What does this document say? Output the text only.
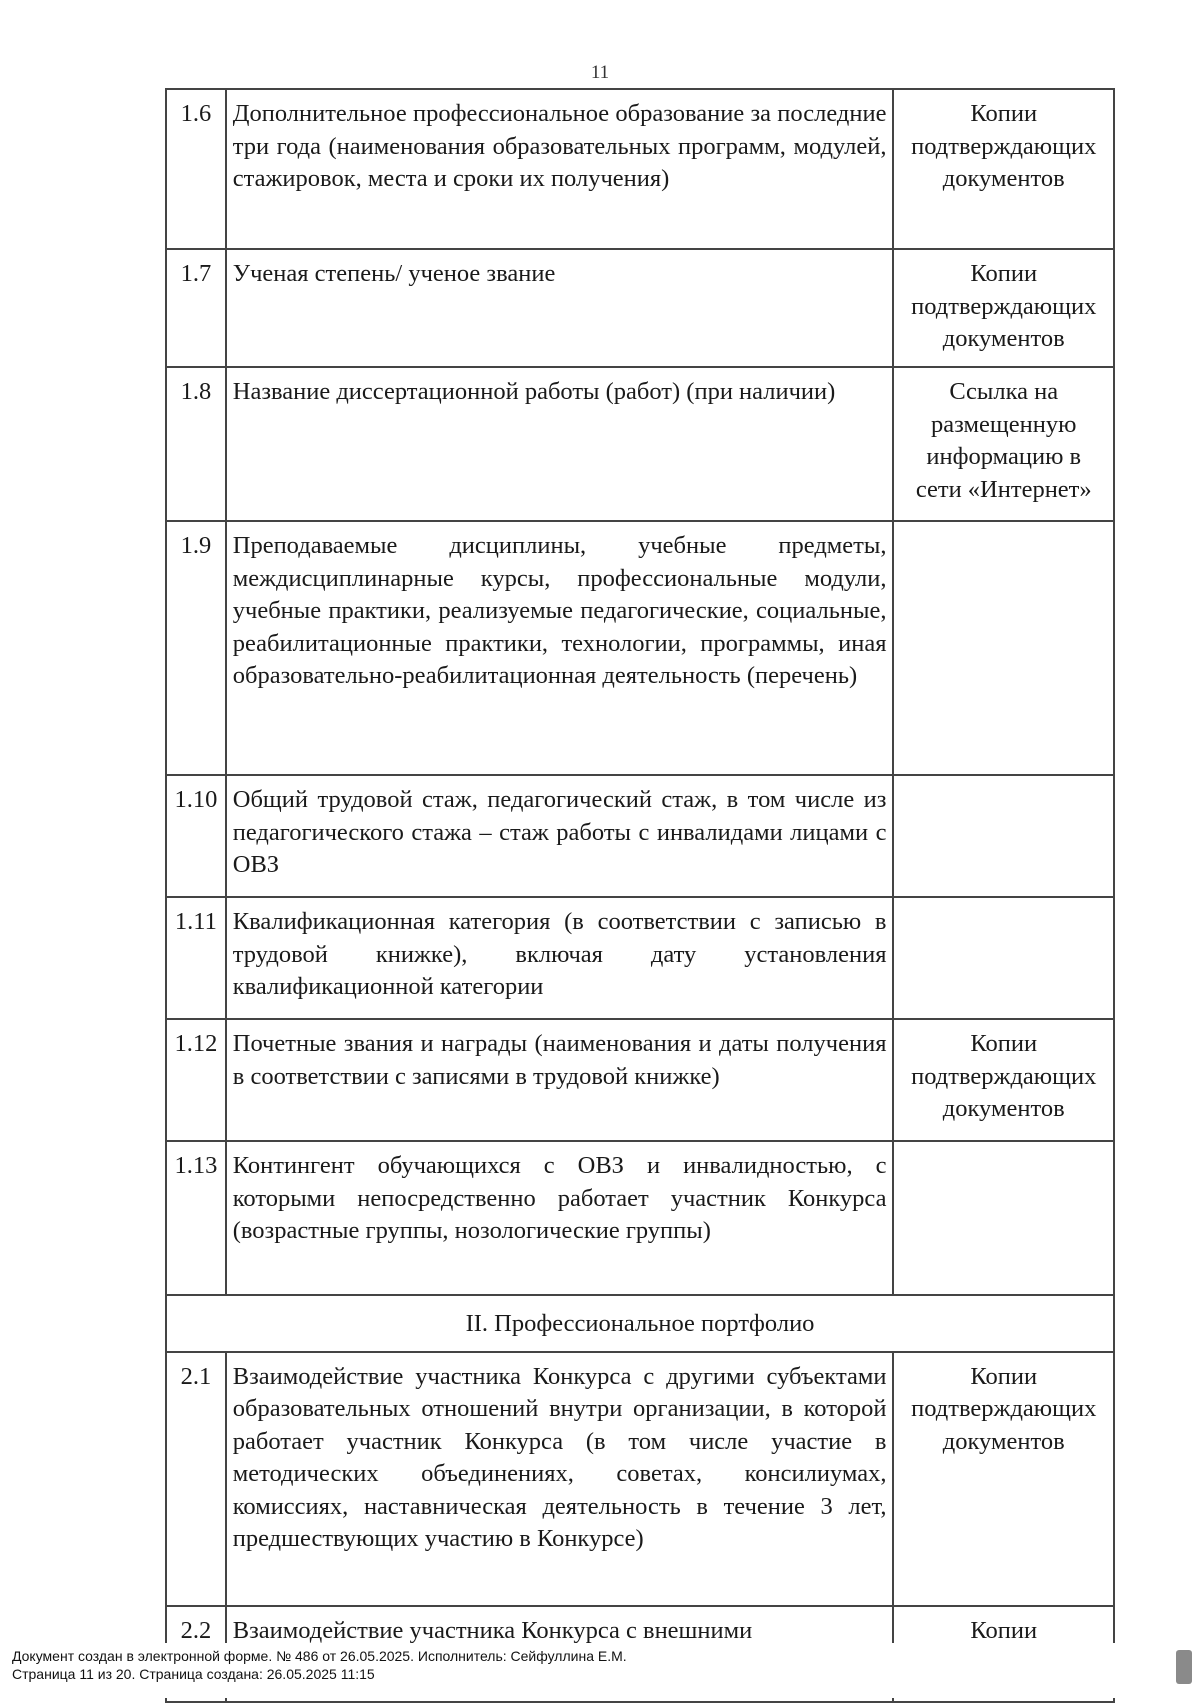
11
1.6	Дополнительное профессиональное образование за последние три года (наименования образовательных программ, модулей, стажировок, места и сроки их получения)	Копии подтверждающих документов
1.7	Ученая степень/ ученое звание	Копии подтверждающих документов
1.8	Название диссертационной работы (работ) (при наличии)	Ссылка на размещенную информацию в сети «Интернет»
1.9	Преподаваемые дисциплины, учебные предметы, междисциплинарные курсы, профессиональные модули, учебные практики, реализуемые педагогические, социальные, реабилитационные практики, технологии, программы, иная образовательно-реабилитационная деятельность (перечень)	
1.10	Общий трудовой стаж, педагогический стаж, в том числе из педагогического стажа – стаж работы с инвалидами лицами с ОВЗ	
1.11	Квалификационная категория (в соответствии с записью в трудовой книжке), включая дату установления квалификационной категории	
1.12	Почетные звания и награды (наименования и даты получения в соответствии с записями в трудовой книжке)	Копии подтверждающих документов
1.13	Контингент обучающихся с ОВЗ и инвалидностью, с которыми непосредственно работает участник Конкурса (возрастные группы, нозологические группы)	
II. Профессиональное портфолио		
2.1	Взаимодействие участника Конкурса с другими субъектами образовательных отношений внутри организации, в которой работает участник Конкурса (в том числе участие в методических объединениях, советах, консилиумах, комиссиях, наставническая деятельность в течение 3 лет, предшествующих участию в Конкурсе)	Копии подтверждающих документов
2.2	Взаимодействие участника Конкурса с внешними	Копии
Документ создан в электронной форме. № 486 от 26.05.2025. Исполнитель: Сейфуллина Е.М.
Страница 11 из 20. Страница создана: 26.05.2025 11:15
